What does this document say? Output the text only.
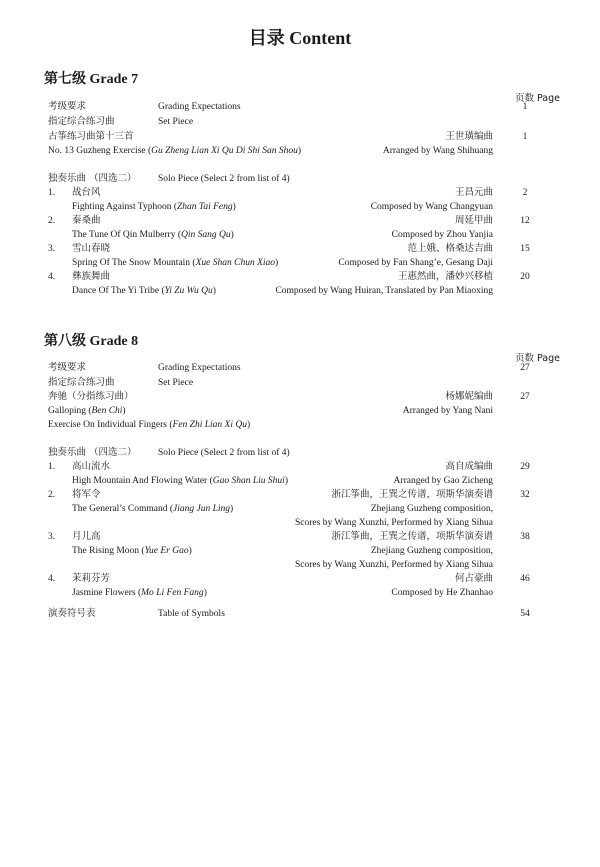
目录 Content
第七级 Grade 7
页数 Page
考级要求	Grading Expectations	1
指定综合练习曲	Set Piece
古筝练习曲第十三首	王世璜编曲	1
No. 13 Guzheng Exercise (Gu Zheng Lian Xi Qu Di Shi San Shou)	Arranged by Wang Shihuang
独奏乐曲 （四选二） Solo Piece (Select 2 from list of 4)
1. 战台风	王昌元曲	2
Fighting Against Typhoon (Zhan Tai Feng)	Composed by Wang Changyuan
2. 秦桑曲	周延甲曲	12
The Tune Of Qin Mulberry (Qin Sang Qu)	Composed by Zhou Yanjia
3. 雪山春晓	范上娥、格桑达吉曲	15
Spring Of The Snow Mountain (Xue Shan Chun Xiao)	Composed by Fan Shang’e, Gesang Daji
4. 彝族舞曲	王惠然曲，潘妙兴移植	20
Dance Of The Yi Tribe (Yi Zu Wu Qu)	Composed by Wang Huiran, Translated by Pan Miaoxing
第八级 Grade 8
页数 Page
考级要求	Grading Expectations	27
指定综合练习曲	Set Piece
奔驰（分指练习曲）	杨娜妮编曲	27
Galloping (Ben Chi)	Arranged by Yang Nani
Exercise On Individual Fingers (Fen Zhi Lian Xi Qu)
独奏乐曲 （四选二） Solo Piece (Select 2 from list of 4)
1. 高山流水	高自成编曲	29
High Mountain And Flowing Water (Gao Shan Liu Shui)	Arranged by Gao Zicheng
2. 将军令	浙江筝曲，王巽之传谱，项斯华演奏谱	32
The General’s Command (Jiang Jun Ling)	Zhejiang Guzheng composition,
Scores by Wang Xunzhi, Performed by Xiang Sihua
3. 月儿高	浙江筝曲，王巽之传谱，项斯华演奏谱	38
The Rising Moon (Yue Er Gao)	Zhejiang Guzheng composition,
Scores by Wang Xunzhi, Performed by Xiang Sihua
4. 茉莉芬芳	何占豪曲	46
Jasmine Flowers (Mo Li Fen Fang)	Composed by He Zhanhao
演奏符号表	Table of Symbols	54
